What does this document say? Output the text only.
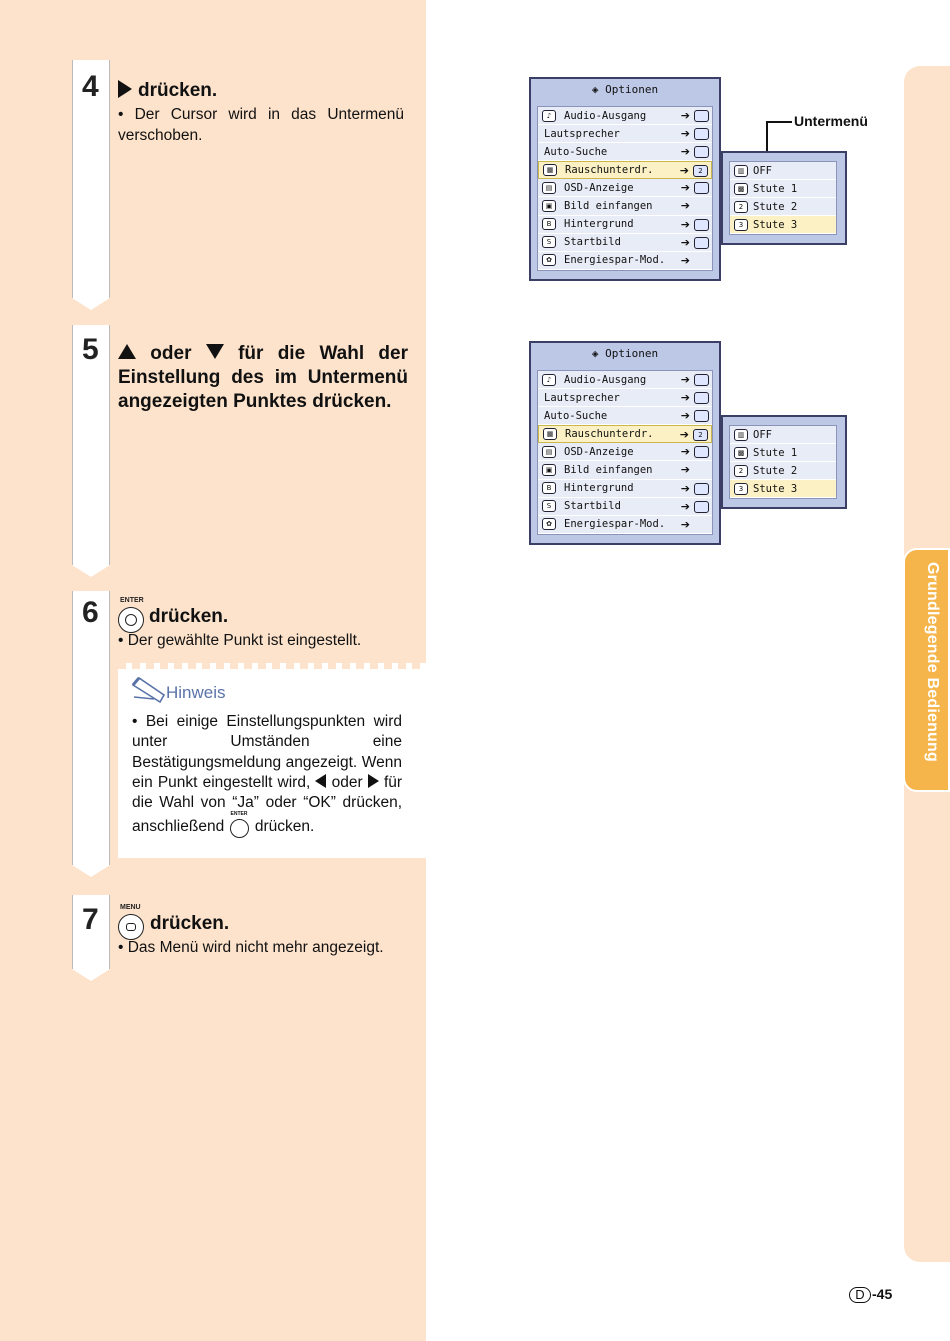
4	drücken.
• Der Cursor wird in das Untermenü verschoben.
5	oder für die Wahl der Einstellung des im Untermenü angezeigten Punktes drücken.
6	ENTER
drücken.
• Der gewählte Punkt ist eingestellt.
Hinweis
• Bei einige Einstellungspunkten wird unter Umständen eine Bestätigungsmeldung angezeigt. Wenn ein Punkt eingestellt wird, oder für die Wahl von “Ja” oder “OK” drücken, anschließend
ENTER
drücken.
7	MENU
drücken.
• Das Menü wird nicht mehr angezeigt.
◈ Optionen
♪	Audio-Ausgang	➔
Lautsprecher	➔
Auto-Suche	➔
▦	Rauschunterdr. ➔	2
▤	OSD-Anzeige	➔
▣	Bild einfangen	➔
B	Hintergrund	➔
S	Startbild	➔
✿	Energiespar-Mod. ➔
▥ OFF
▩ Stute 1
2 Stute 2
3 Stute 3
◈ Optionen
♪	Audio-Ausgang	➔
Lautsprecher	➔
Auto-Suche	➔
▦	Rauschunterdr. ➔	2
▤	OSD-Anzeige	➔
▣	Bild einfangen	➔
B	Hintergrund	➔
S	Startbild	➔
✿	Energiespar-Mod. ➔
▥ OFF
▩ Stute 1
2 Stute 2
3 Stute 3
Untermenü
Grundlegende Bedienung
D -45
